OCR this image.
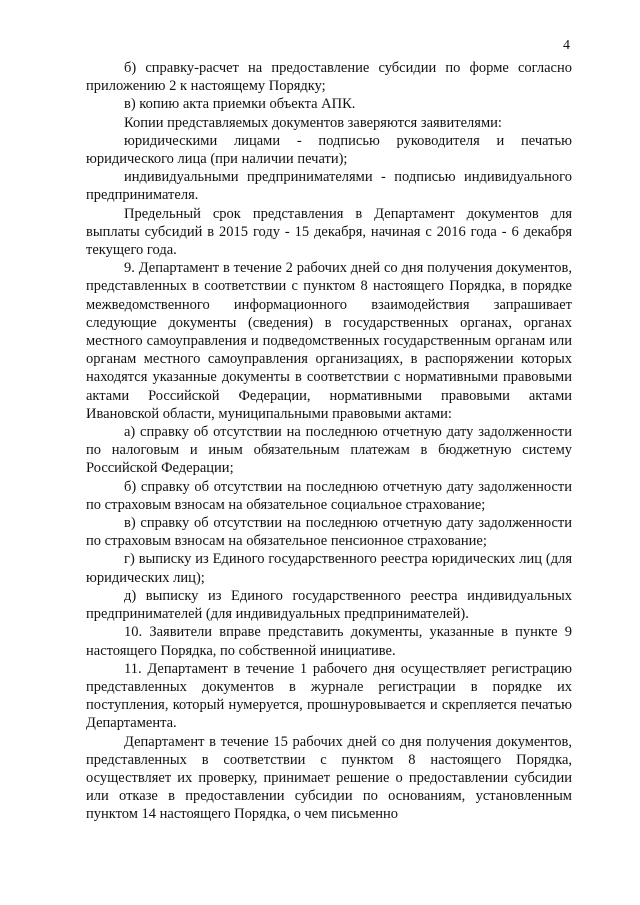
4

б) справку-расчет на предоставление субсидии по форме согласно приложению 2 к настоящему Порядку;

в) копию акта приемки объекта АПК.

Копии представляемых документов заверяются заявителями:

юридическими лицами - подписью руководителя и печатью юридического лица (при наличии печати);

индивидуальными предпринимателями - подписью индивидуального предпринимателя.

Предельный срок представления в Департамент документов для выплаты субсидий в 2015 году - 15 декабря, начиная с 2016 года - 6 декабря текущего года.

9. Департамент в течение 2 рабочих дней со дня получения документов, представленных в соответствии с пунктом 8 настоящего Порядка, в порядке межведомственного информационного взаимодействия запрашивает следующие документы (сведения) в государственных органах, органах местного самоуправления и подведомственных государственным органам или органам местного самоуправления организациях, в распоряжении которых находятся указанные документы в соответствии с нормативными правовыми актами Российской Федерации, нормативными правовыми актами Ивановской области, муниципальными правовыми актами:

а) справку об отсутствии на последнюю отчетную дату задолженности по налоговым и иным обязательным платежам в бюджетную систему Российской Федерации;

б) справку об отсутствии на последнюю отчетную дату задолженности по страховым взносам на обязательное социальное страхование;

в) справку об отсутствии на последнюю отчетную дату задолженности по страховым взносам на обязательное пенсионное страхование;

г) выписку из Единого государственного реестра юридических лиц (для юридических лиц);

д) выписку из Единого государственного реестра индивидуальных предпринимателей (для индивидуальных предпринимателей).

10. Заявители вправе представить документы, указанные в пункте 9 настоящего Порядка, по собственной инициативе.

11. Департамент в течение 1 рабочего дня осуществляет регистрацию представленных документов в журнале регистрации в порядке их поступления, который нумеруется, прошнуровывается и скрепляется печатью Департамента.

Департамент в течение 15 рабочих дней со дня получения документов, представленных в соответствии с пунктом 8 настоящего Порядка, осуществляет их проверку, принимает решение о предоставлении субсидии или отказе в предоставлении субсидии по основаниям, установленным пунктом 14 настоящего Порядка, о чем письменно
